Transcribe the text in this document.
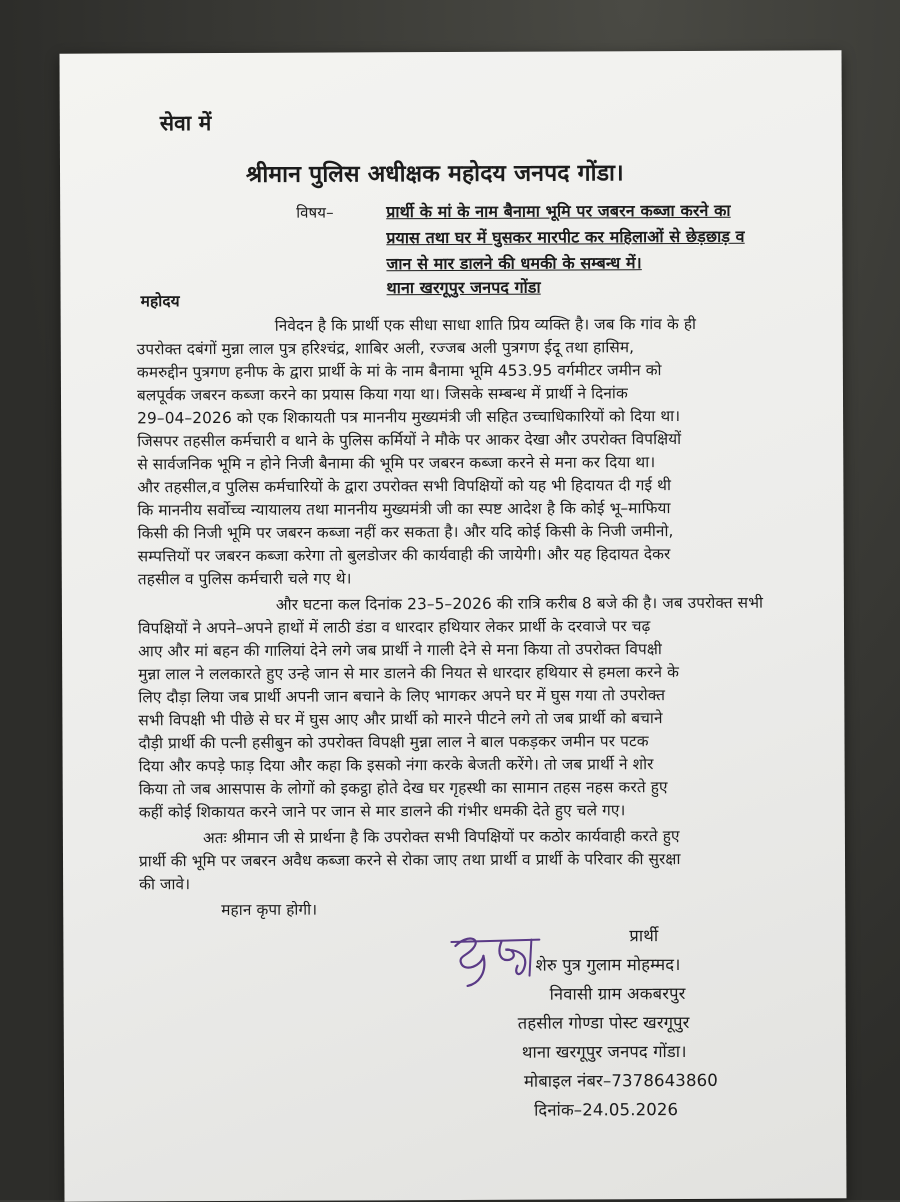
सेवा में
श्रीमान पुलिस अधीक्षक महोदय जनपद गोंडा।
विषय–	प्रार्थी के मां के नाम बैनामा भूमि पर जबरन कब्जा करने का
प्रयास तथा घर में घुसकर मारपीट कर महिलाओं से छेड़छाड़ व
जान से मार डालने की धमकी के सम्बन्ध में।
थाना खरगूपुर जनपद गोंडा
महोदय
निवेदन है कि प्रार्थी एक सीधा साधा शाति प्रिय व्यक्ति है। जब कि गांव के ही
उपरोक्त दबंगों मुन्ना लाल पुत्र हरिश्चंद्र, शाबिर अली, रज्जब अली पुत्रगण ईदू तथा हासिम,
कमरुद्दीन पुत्रगण हनीफ के द्वारा प्रार्थी के मां के नाम बैनामा भूमि 453.95 वर्गमीटर जमीन को
बलपूर्वक जबरन कब्जा करने का प्रयास किया गया था। जिसके सम्बन्ध में प्रार्थी ने दिनांक
29–04–2026 को एक शिकायती पत्र माननीय मुख्यमंत्री जी सहित उच्चाधिकारियों को दिया था।
जिसपर तहसील कर्मचारी व थाने के पुलिस कर्मियों ने मौके पर आकर देखा और उपरोक्त विपक्षियों
से सार्वजनिक भूमि न होने निजी बैनामा की भूमि पर जबरन कब्जा करने से मना कर दिया था।
और तहसील,व पुलिस कर्मचारियों के द्वारा उपरोक्त सभी विपक्षियों को यह भी हिदायत दी गई थी
कि माननीय सर्वोच्च न्यायालय तथा माननीय मुख्यमंत्री जी का स्पष्ट आदेश है कि कोई भू–माफिया
किसी की निजी भूमि पर जबरन कब्जा नहीं कर सकता है। और यदि कोई किसी के निजी जमीनो,
सम्पत्तियों पर जबरन कब्जा करेगा तो बुलडोजर की कार्यवाही की जायेगी। और यह हिदायत देकर
तहसील व पुलिस कर्मचारी चले गए थे।
और घटना कल दिनांक 23–5–2026 की रात्रि करीब 8 बजे की है। जब उपरोक्त सभी
विपक्षियों ने अपने–अपने हाथों में लाठी डंडा व धारदार हथियार लेकर प्रार्थी के दरवाजे पर चढ़
आए और मां बहन की गालियां देने लगे जब प्रार्थी ने गाली देने से मना किया तो उपरोक्त विपक्षी
मुन्ना लाल ने ललकारते हुए उन्हे जान से मार डालने की नियत से धारदार हथियार से हमला करने के
लिए दौड़ा लिया जब प्रार्थी अपनी जान बचाने के लिए भागकर अपने घर में घुस गया तो उपरोक्त
सभी विपक्षी भी पीछे से घर में घुस आए और प्रार्थी को मारने पीटने लगे तो जब प्रार्थी को बचाने
दौड़ी प्रार्थी की पत्नी हसीबुन को उपरोक्त विपक्षी मुन्ना लाल ने बाल पकड़कर जमीन पर पटक
दिया और कपड़े फाड़ दिया और कहा कि इसको नंगा करके बेजती करेंगे। तो जब प्रार्थी ने शोर
किया तो जब आसपास के लोगों को इकट्ठा होते देख घर गृहस्थी का सामान तहस नहस करते हुए
कहीं कोई शिकायत करने जाने पर जान से मार डालने की गंभीर धमकी देते हुए चले गए।
अतः श्रीमान जी से प्रार्थना है कि उपरोक्त सभी विपक्षियों पर कठोर कार्यवाही करते हुए
प्रार्थी की भूमि पर जबरन अवैध कब्जा करने से रोका जाए तथा प्रार्थी व प्रार्थी के परिवार की सुरक्षा
की जावे।
महान कृपा होगी।
प्रार्थी
शेरु पुत्र गुलाम मोहम्मद।
निवासी ग्राम अकबरपुर
तहसील गोण्डा पोस्ट खरगूपुर
थाना खरगूपुर जनपद गोंडा।
मोबाइल नंबर–7378643860
दिनांक–24.05.2026
